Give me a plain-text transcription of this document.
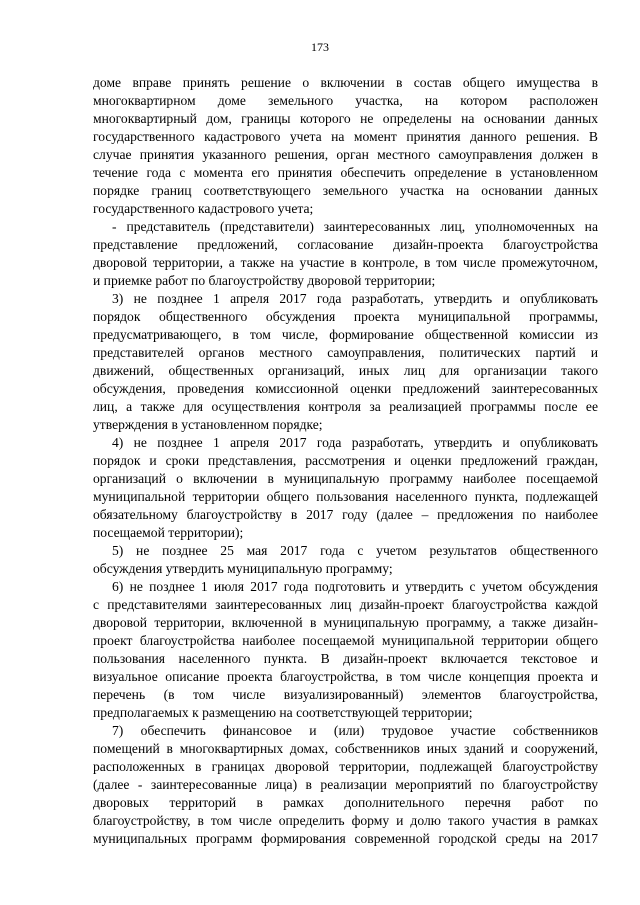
173
доме вправе принять решение о включении в состав общего имущества в
многоквартирном доме земельного участка, на котором расположен
многоквартирный дом, границы которого не определены на основании данных
государственного кадастрового учета на момент принятия данного решения. В
случае принятия указанного решения, орган местного самоуправления должен в
течение года с момента его принятия обеспечить определение в установленном
порядке границ соответствующего земельного участка на основании данных
государственного кадастрового учета;
- представитель (представители) заинтересованных лиц, уполномоченных на
представление предложений, согласование дизайн-проекта благоустройства
дворовой территории, а также на участие в контроле, в том числе промежуточном,
и приемке работ по благоустройству дворовой территории;
3) не позднее 1 апреля 2017 года разработать, утвердить и опубликовать
порядок общественного обсуждения проекта муниципальной программы,
предусматривающего, в том числе, формирование общественной комиссии из
представителей органов местного самоуправления, политических партий и
движений, общественных организаций, иных лиц для организации такого
обсуждения, проведения комиссионной оценки предложений заинтересованных
лиц, а также для осуществления контроля за реализацией программы после ее
утверждения в установленном порядке;
4) не позднее 1 апреля 2017 года разработать, утвердить и опубликовать
порядок и сроки представления, рассмотрения и оценки предложений граждан,
организаций о включении в муниципальную программу наиболее посещаемой
муниципальной территории общего пользования населенного пункта, подлежащей
обязательному благоустройству в 2017 году (далее – предложения по наиболее
посещаемой территории);
5) не позднее 25 мая 2017 года с учетом результатов общественного
обсуждения утвердить муниципальную программу;
6) не позднее 1 июля 2017 года подготовить и утвердить с учетом обсуждения
с представителями заинтересованных лиц дизайн-проект благоустройства каждой
дворовой территории, включенной в муниципальную программу, а также дизайн-
проект благоустройства наиболее посещаемой муниципальной территории общего
пользования населенного пункта. В дизайн-проект включается текстовое и
визуальное описание проекта благоустройства, в том числе концепция проекта и
перечень (в том числе визуализированный) элементов благоустройства,
предполагаемых к размещению на соответствующей территории;
7) обеспечить финансовое и (или) трудовое участие собственников
помещений в многоквартирных домах, собственников иных зданий и сооружений,
расположенных в границах дворовой территории, подлежащей благоустройству
(далее - заинтересованные лица) в реализации мероприятий по благоустройству
дворовых территорий в рамках дополнительного перечня работ по
благоустройству, в том числе определить форму и долю такого участия в рамках
муниципальных программ формирования современной городской среды на 2017
